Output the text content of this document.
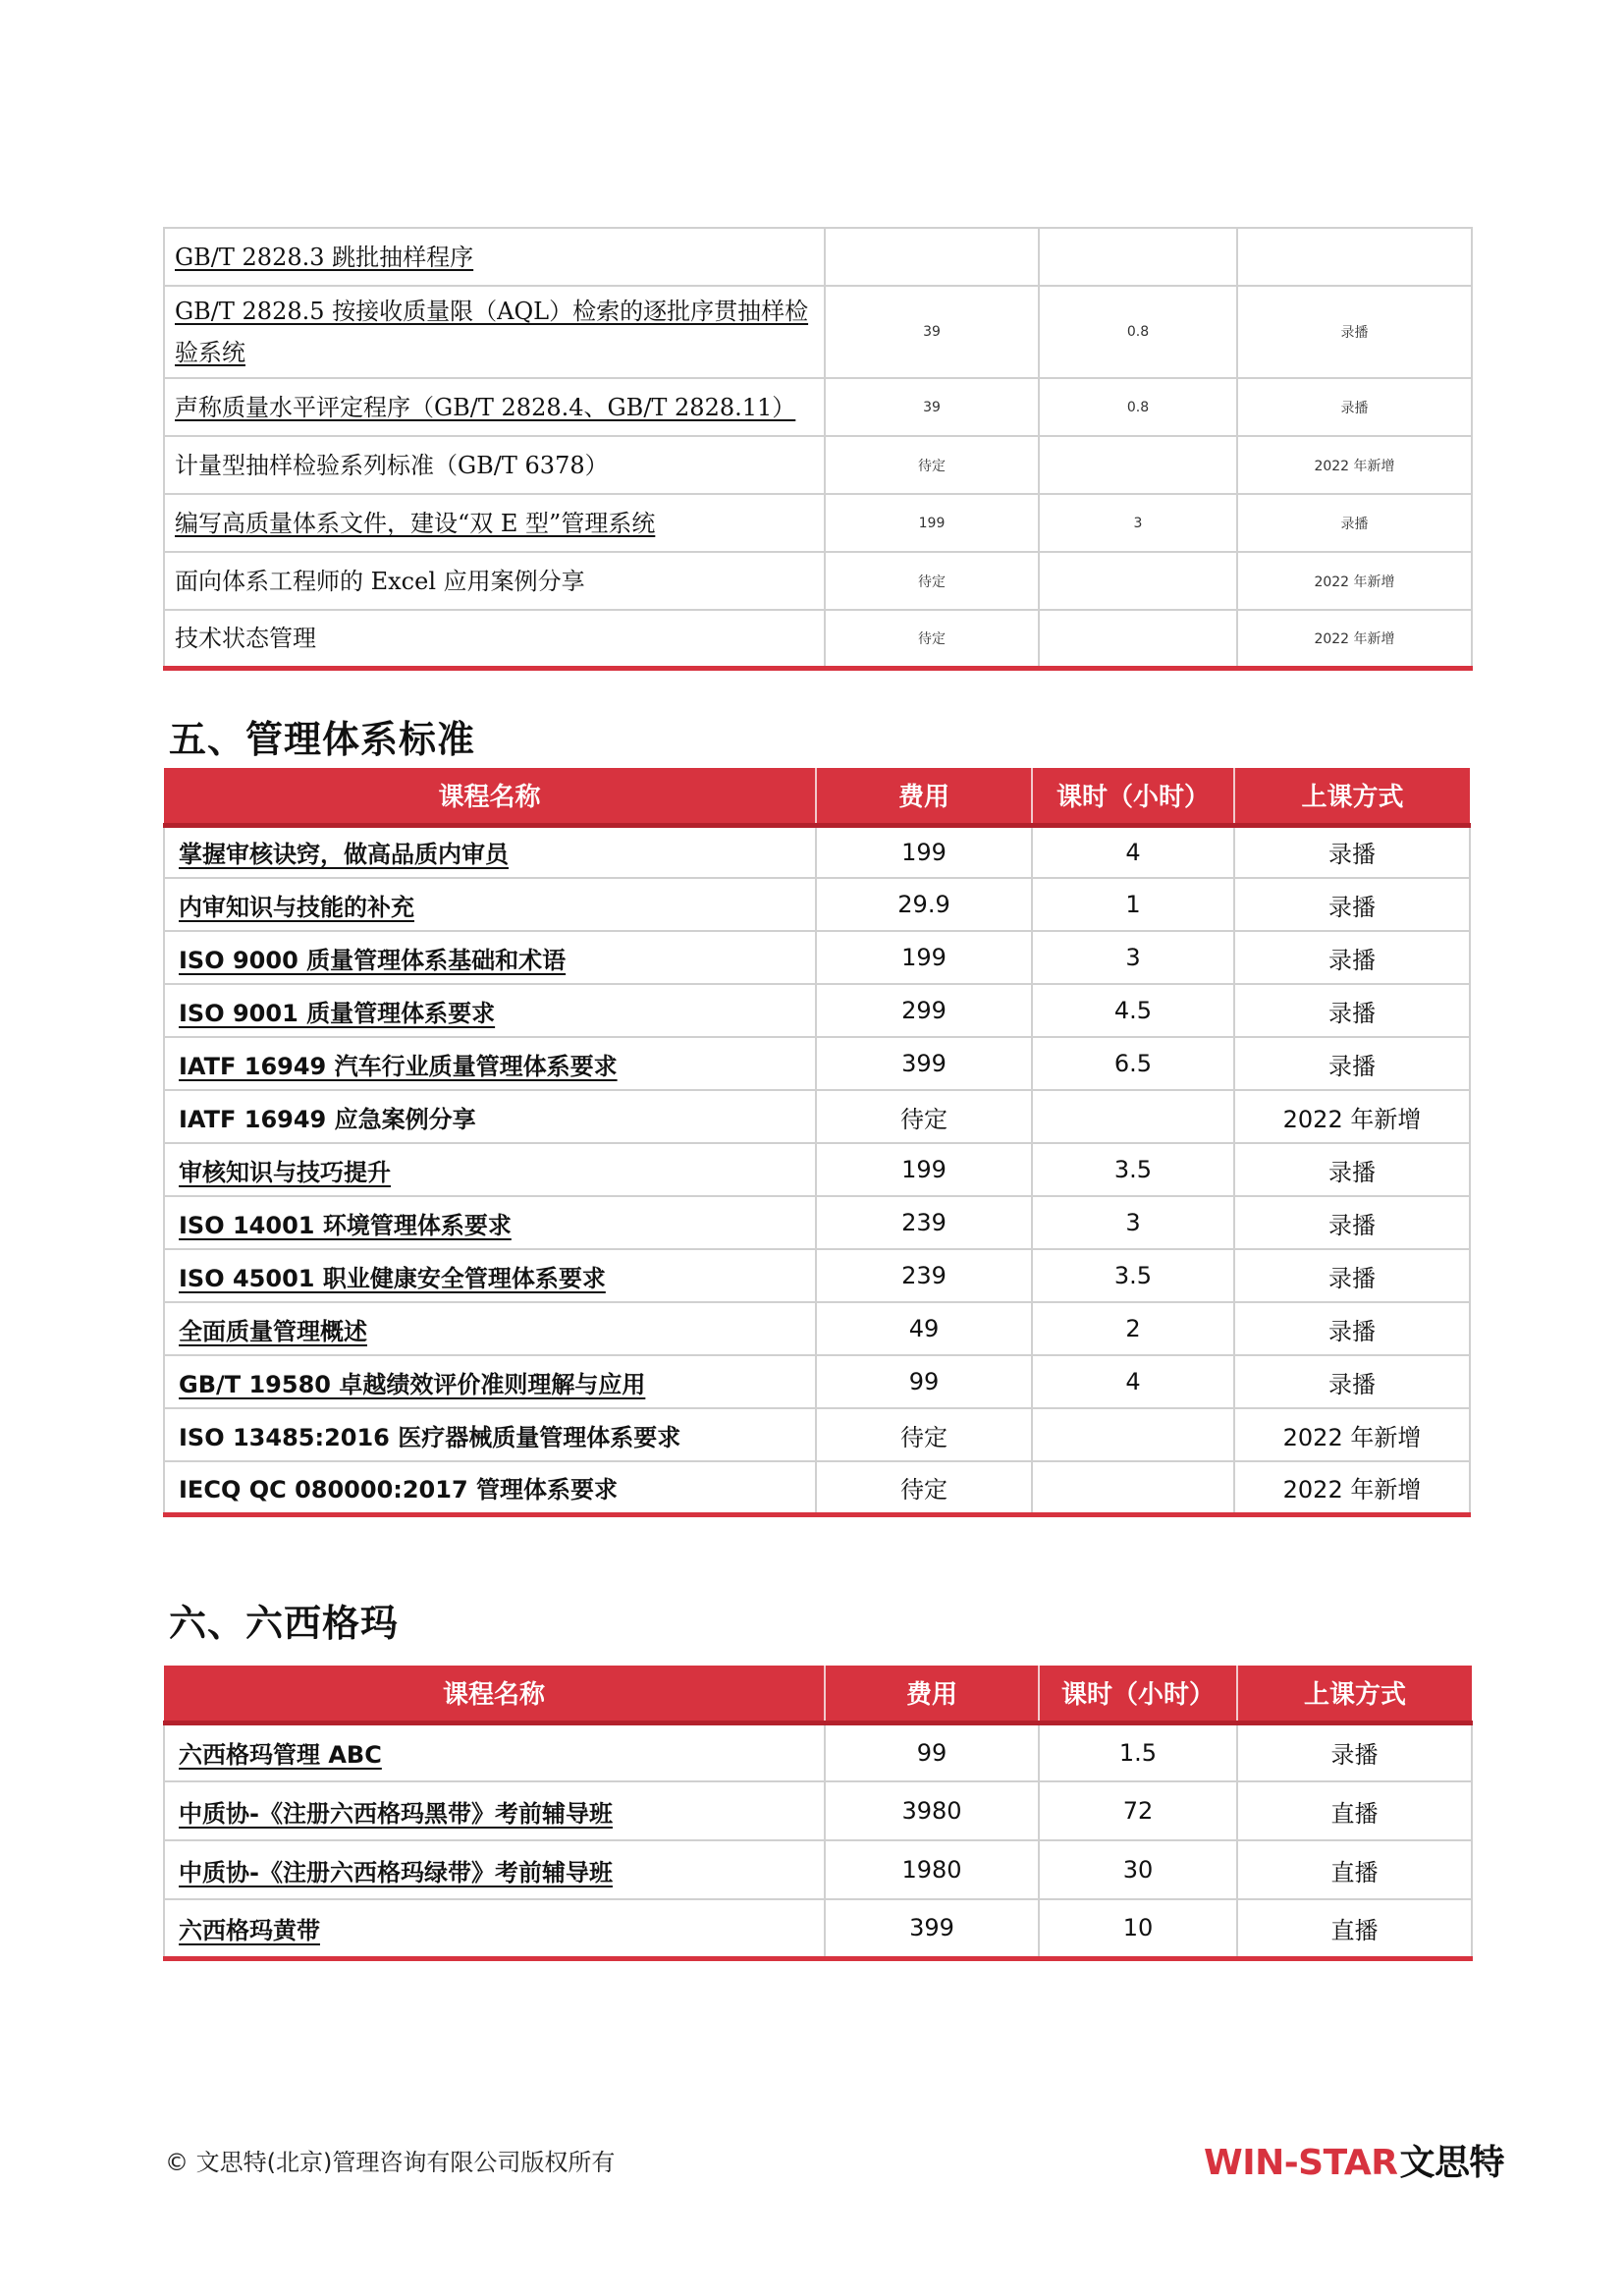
GB/T 2828.3 跳批抽样程序			
GB/T 2828.5 按接收质量限（AQL）检索的逐批序贯抽样检验系统	39	0.8	录播
声称质量水平评定程序（GB/T 2828.4、GB/T 2828.11）	39	0.8	录播
计量型抽样检验系列标准（GB/T 6378）	待定		2022 年新增
编写高质量体系文件，建设“双 E 型”管理系统	199	3	录播
面向体系工程师的 Excel 应用案例分享	待定		2022 年新增
技术状态管理	待定		2022 年新增
五、管理体系标准
课程名称	费用	课时（小时）	上课方式
掌握审核诀窍，做高品质内审员	199	4	录播
内审知识与技能的补充	29.9	1	录播
ISO 9000 质量管理体系基础和术语	199	3	录播
ISO 9001 质量管理体系要求	299	4.5	录播
IATF 16949 汽车行业质量管理体系要求	399	6.5	录播
IATF 16949 应急案例分享	待定		2022 年新增
审核知识与技巧提升	199	3.5	录播
ISO 14001 环境管理体系要求	239	3	录播
ISO 45001 职业健康安全管理体系要求	239	3.5	录播
全面质量管理概述	49	2	录播
GB/T 19580 卓越绩效评价准则理解与应用	99	4	录播
ISO 13485:2016 医疗器械质量管理体系要求	待定		2022 年新增
IECQ QC 080000:2017 管理体系要求	待定		2022 年新增
六、六西格玛
课程名称	费用	课时（小时）	上课方式
六西格玛管理 ABC	99	1.5	录播
中质协-《注册六西格玛黑带》考前辅导班	3980	72	直播
中质协-《注册六西格玛绿带》考前辅导班	1980	30	直播
六西格玛黄带	399	10	直播
© 文思特(北京)管理咨询有限公司版权所有	WIN-STAR文思特
